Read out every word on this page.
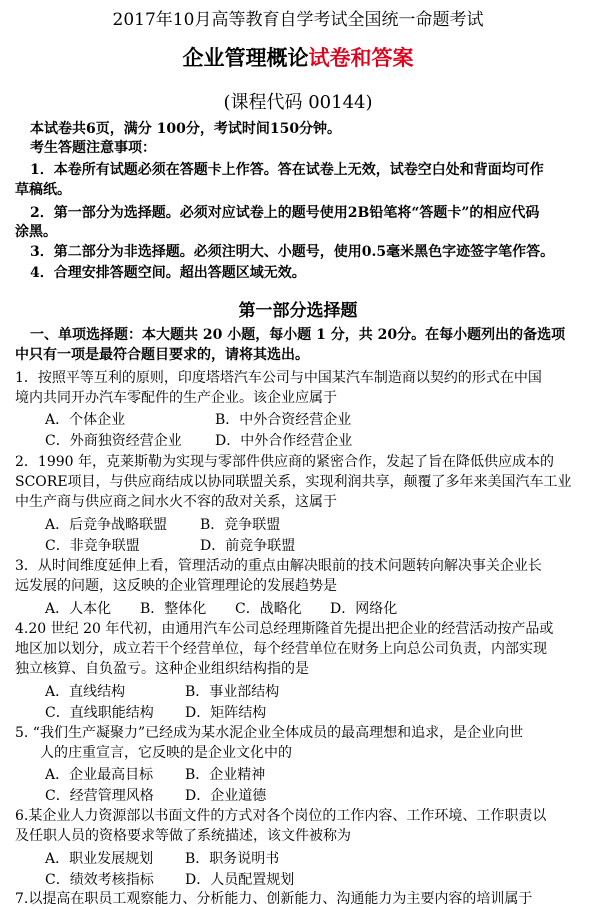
2017年10月高等教育自学考试全国统一命题考试
企业管理概论试卷和答案
(课程代码 00144)
本试卷共6页，满分 100分，考试时间150分钟。
考生答题注意事项：
1．本卷所有试题必须在答题卡上作答。答在试卷上无效，试卷空白处和背面均可作
草稿纸。
2．第一部分为选择题。必须对应试卷上的题号使用2B铅笔将“答题卡”的相应代码
涂黑。
3．第二部分为非选择题。必须注明大、小题号，使用0.5毫米黑色字迹签字笔作答。
4．合理安排答题空间。超出答题区域无效。
第一部分选择题
一、单项选择题：本大题共 20 小题，每小题 1 分，共 20分。在每小题列出的备选项
中只有一项是最符合题目要求的，请将其选出。
1．按照平等互利的原则，印度塔塔汽车公司与中国某汽车制造商以契约的形式在中国
境内共同开办汽车零配件的生产企业。该企业应属于
A．个体企业	B．中外合资经营企业
C．外商独资经营企业 D．中外合作经营企业
2．1990 年，克莱斯勒为实现与零部件供应商的紧密合作，发起了旨在降低供应成本的
SCORE项目，与供应商结成以协同联盟关系，实现利润共享，颠覆了多年来美国汽车工业
中生产商与供应商之间水火不容的敌对关系，这属于
A．后竞争战略联盟 B．竞争联盟
C．非竞争联盟	D．前竞争联盟
3．从时间维度延伸上看，管理活动的重点由解决眼前的技术问题转向解决事关企业长
远发展的问题，这反映的企业管理理论的发展趋势是
A．人本化 B．整体化 C．战略化 D．网络化
4.20 世纪 20 年代初，由通用汽车公司总经理斯隆首先提出把企业的经营活动按产品或
地区加以划分，成立若干个经营单位，每个经营单位在财务上向总公司负责，内部实现
独立核算、自负盈亏。这种企业组织结构指的是
A．直线结构	B．事业部结构
C．直线职能结构 D．矩阵结构
5. “我们生产凝聚力”已经成为某水泥企业全体成员的最高理想和追求，是企业向世
人的庄重宣言，它反映的是企业文化中的
A．企业最高目标 B．企业精神
C．经营管理风格 D．企业道德
6.某企业人力资源部以书面文件的方式对各个岗位的工作内容、工作环境、工作职责以
及任职人员的资格要求等做了系统描述，该文件被称为
A．职业发展规划 B．职务说明书
C．绩效考核指标 D．人员配置规划
7.以提高在职员工观察能力、分析能力、创新能力、沟通能力为主要内容的培训属于
